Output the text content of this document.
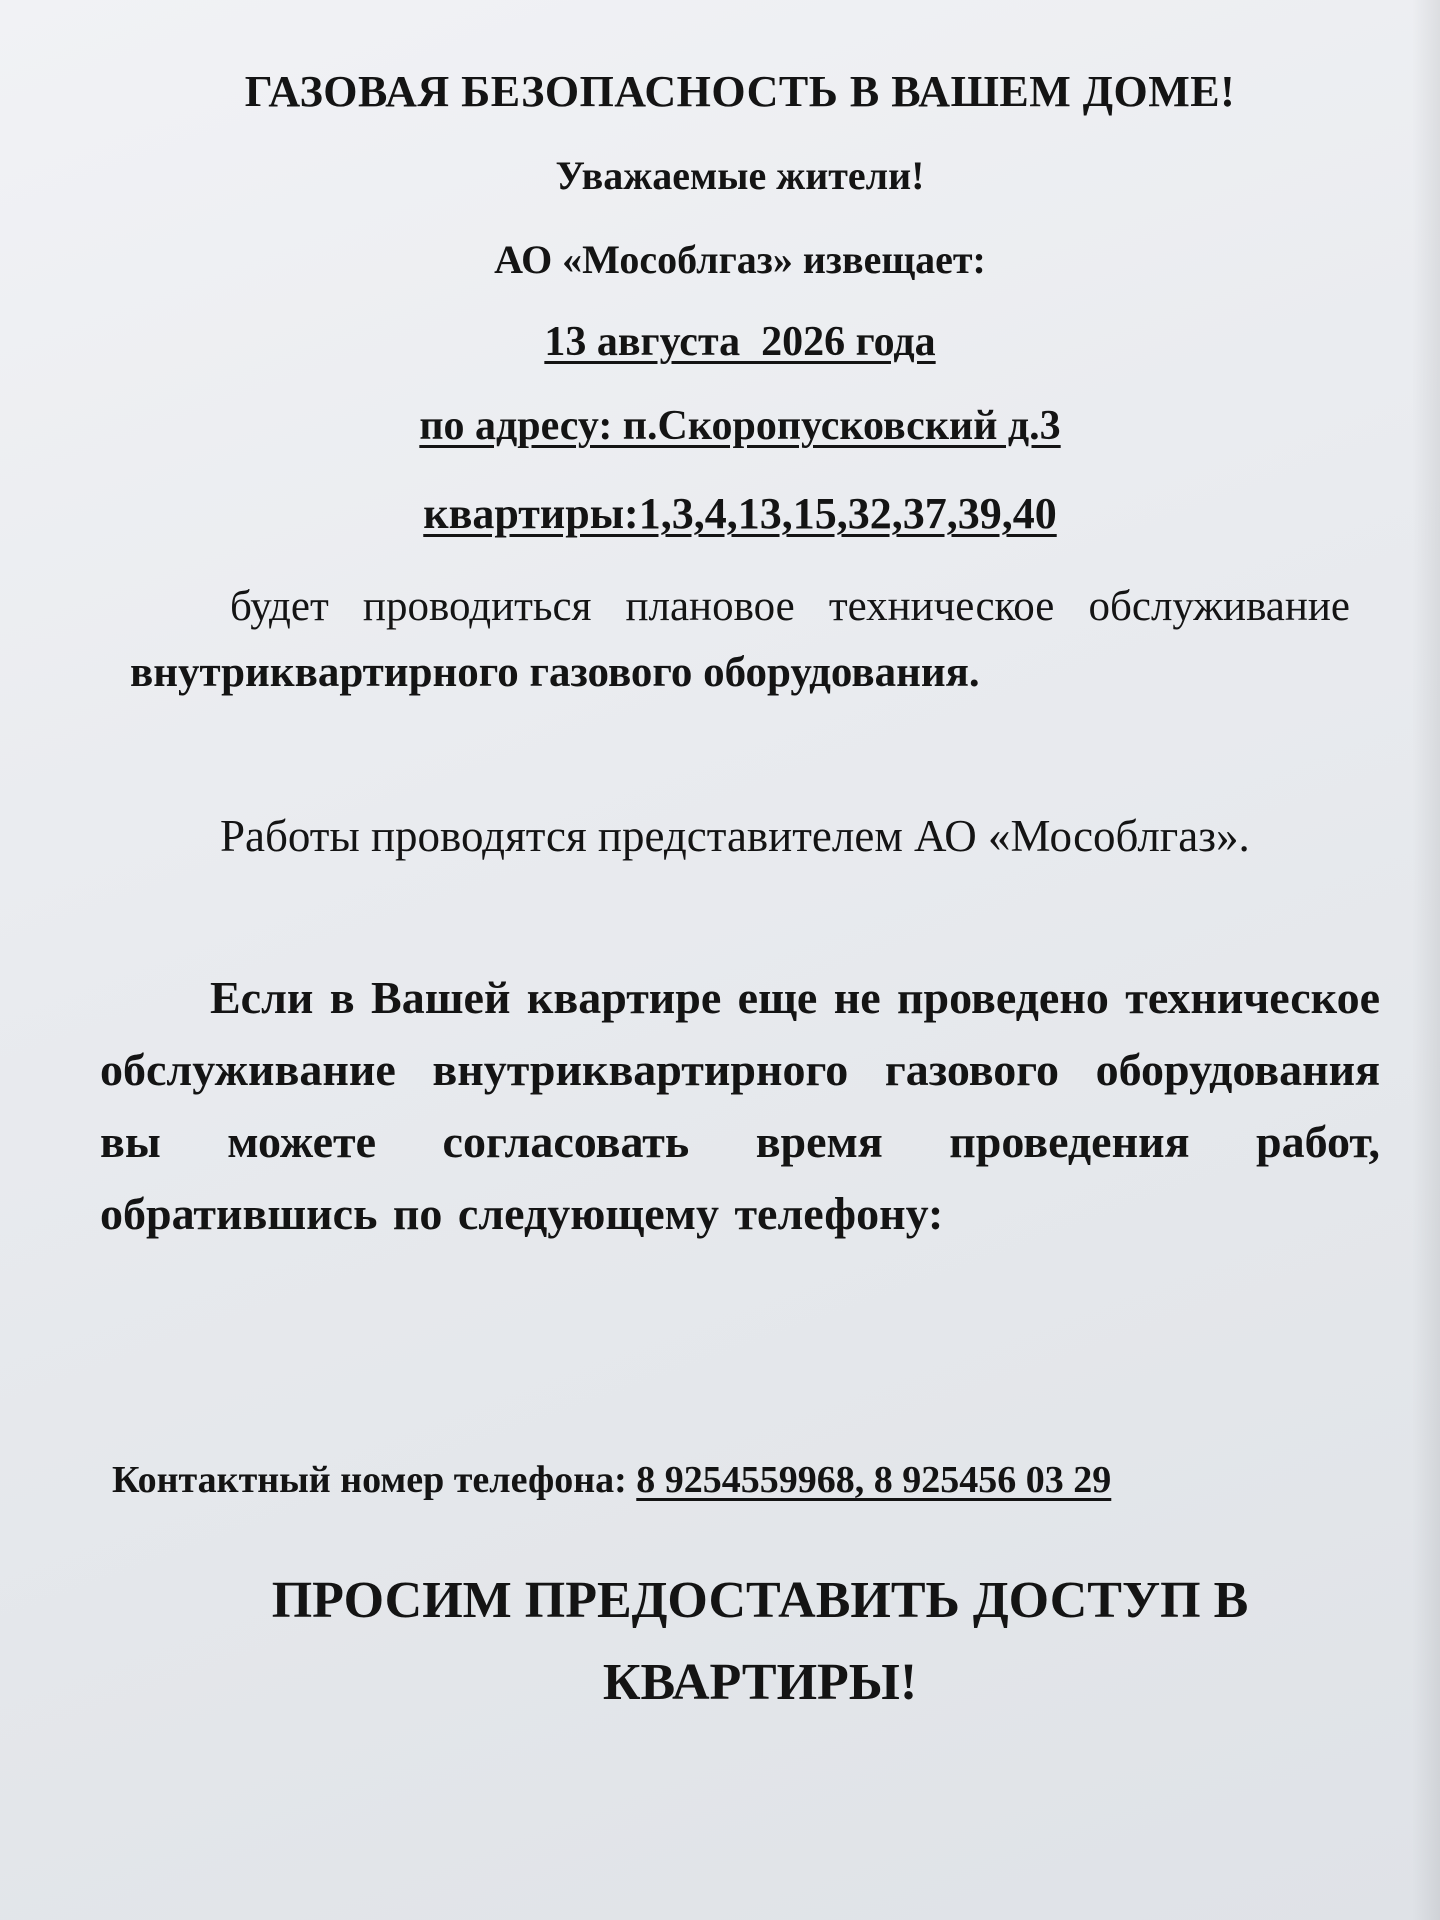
ГАЗОВАЯ БЕЗОПАСНОСТЬ В ВАШЕМ ДОМЕ!
Уважаемые жители!
АО «Мособлгаз» извещает:
13 августа  2026 года
по адресу: п.Скоропусковский д.3
квартиры:1,3,4,13,15,32,37,39,40
будет проводиться плановое техническое обслуживание внутриквартирного газового оборудования.
Работы проводятся представителем АО «Мособлгаз».
Если в Вашей квартире еще не проведено техническое обслуживание внутриквартирного газового оборудования вы можете согласовать время проведения работ, обратившись по следующему телефону:
Контактный номер телефона: 8 9254559968, 8 925456 03 29
ПРОСИМ ПРЕДОСТАВИТЬ ДОСТУП В
КВАРТИРЫ!
